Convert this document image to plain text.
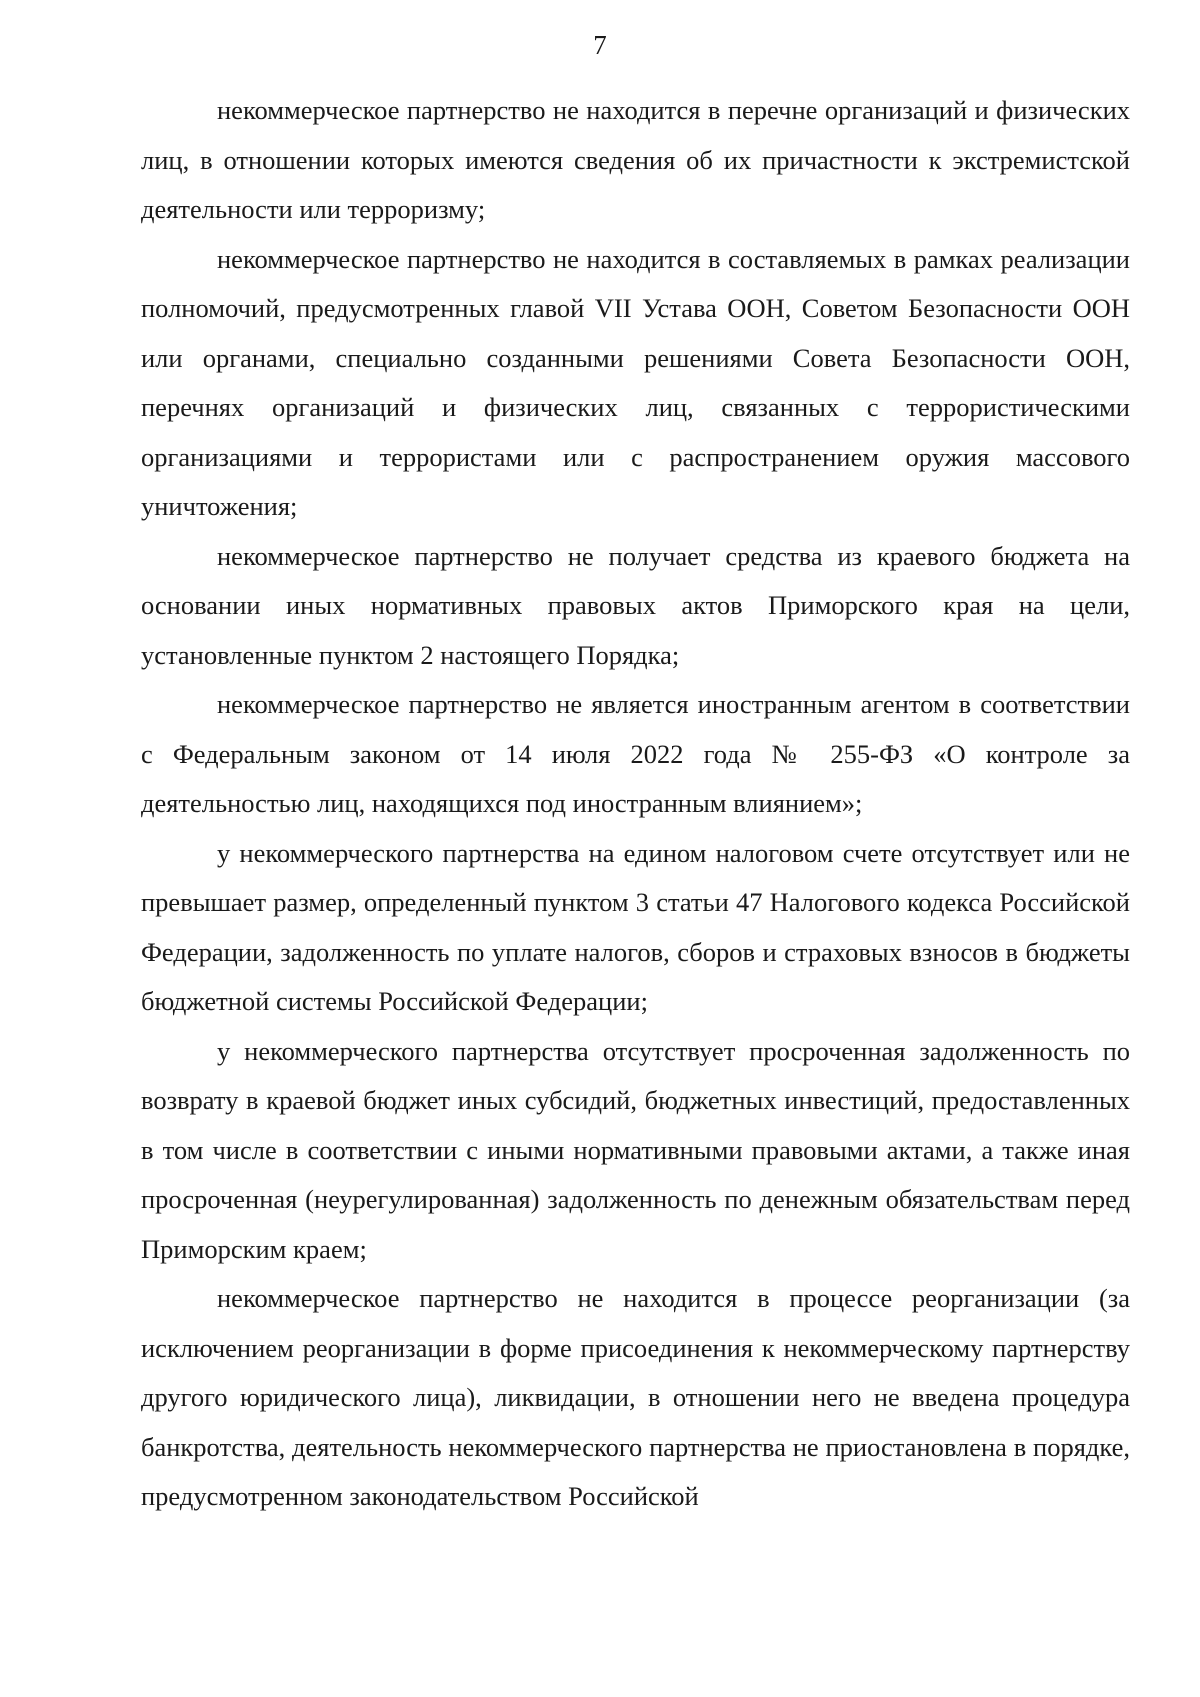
7

некоммерческое партнерство не находится в перечне организаций и физических лиц, в отношении которых имеются сведения об их причастности к экстремистской деятельности или терроризму;

некоммерческое партнерство не находится в составляемых в рамках реализации полномочий, предусмотренных главой VII Устава ООН, Советом Безопасности ООН или органами, специально созданными решениями Совета Безопасности ООН, перечнях организаций и физических лиц, связанных с террористическими организациями и террористами или с распространением оружия массового уничтожения;

некоммерческое партнерство не получает средства из краевого бюджета на основании иных нормативных правовых актов Приморского края на цели, установленные пунктом 2 настоящего Порядка;

некоммерческое партнерство не является иностранным агентом в соответствии с Федеральным законом от 14 июля 2022 года № 255-ФЗ «О контроле за деятельностью лиц, находящихся под иностранным влиянием»;

у некоммерческого партнерства на едином налоговом счете отсутствует или не превышает размер, определенный пунктом 3 статьи 47 Налогового кодекса Российской Федерации, задолженность по уплате налогов, сборов и страховых взносов в бюджеты бюджетной системы Российской Федерации;

у некоммерческого партнерства отсутствует просроченная задолженность по возврату в краевой бюджет иных субсидий, бюджетных инвестиций, предоставленных в том числе в соответствии с иными нормативными правовыми актами, а также иная просроченная (неурегулированная) задолженность по денежным обязательствам перед Приморским краем;

некоммерческое партнерство не находится в процессе реорганизации (за исключением реорганизации в форме присоединения к некоммерческому партнерству другого юридического лица), ликвидации, в отношении него не введена процедура банкротства, деятельность некоммерческого партнерства не приостановлена в порядке, предусмотренном законодательством Российской
